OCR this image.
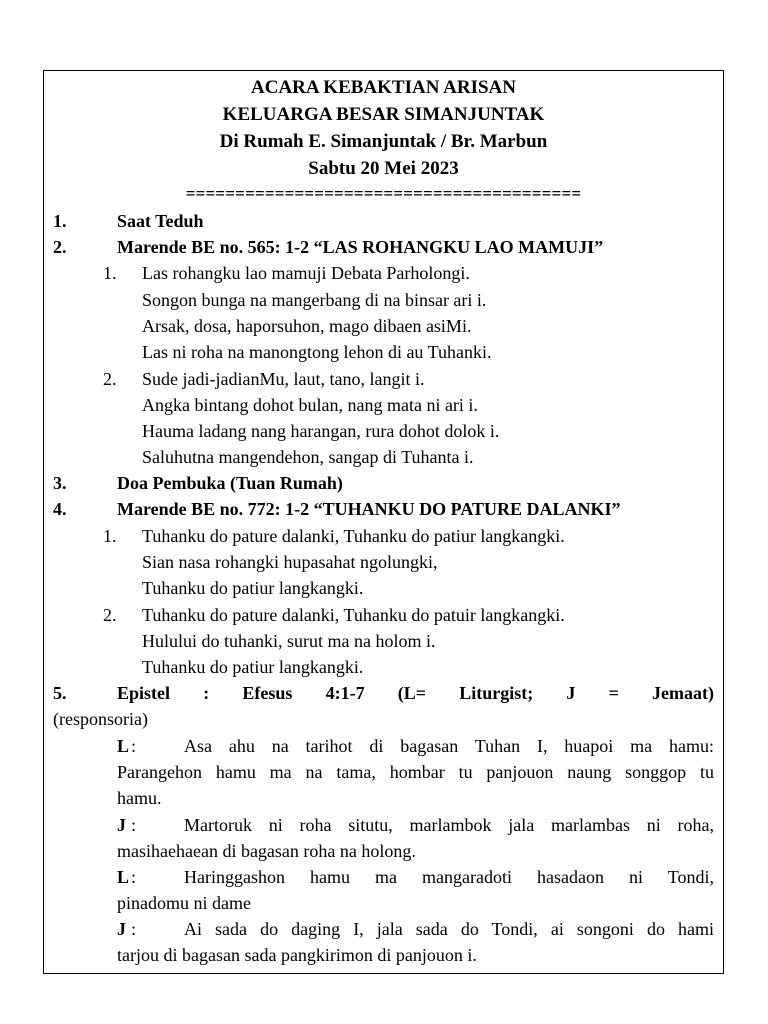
ACARA KEBAKTIAN ARISAN
KELUARGA BESAR SIMANJUNTAK
Di Rumah E. Simanjuntak / Br. Marbun
Sabtu 20 Mei 2023
========================================
1.	Saat Teduh
2.	Marende BE no. 565: 1-2 “LAS ROHANGKU LAO MAMUJI”
1. Las rohangku lao mamuji Debata Parholongi.
Songon bunga na mangerbang di na binsar ari i.
Arsak, dosa, haporsuhon, mago dibaen asiMi.
Las ni roha na manongtong lehon di au Tuhanki.
2. Sude jadi-jadianMu, laut, tano, langit i.
Angka bintang dohot bulan, nang mata ni ari i.
Hauma ladang nang harangan, rura dohot dolok i.
Saluhutna mangendehon, sangap di Tuhanta i.
3.	Doa Pembuka (Tuan Rumah)
4.	Marende BE no. 772: 1-2 “TUHANKU DO PATURE DALANKI”
1. Tuhanku do pature dalanki, Tuhanku do patiur langkangki.
Sian nasa rohangki hupasahat ngolungki,
Tuhanku do patiur langkangki.
2. Tuhanku do pature dalanki, Tuhanku do patuir langkangki.
Hulului do tuhanki, surut ma na holom i.
Tuhanku do patiur langkangki.
5.	Epistel : Efesus 4:1-7 (L= Liturgist; J = Jemaat)
(responsoria)
L :	Asa ahu na tarihot di bagasan Tuhan I, huapoi ma hamu:
Parangehon hamu ma na tama, hombar tu panjouon naung songgop tu
hamu.
J :	Martoruk ni roha situtu, marlambok jala marlambas ni roha,
masihaehaean di bagasan roha na holong.
L :	Haringgashon hamu ma mangaradoti hasadaon ni Tondi,
pinadomu ni dame
J :	Ai sada do daging I, jala sada do Tondi, ai songoni do hami
tarjou di bagasan sada pangkirimon di panjouon i.
